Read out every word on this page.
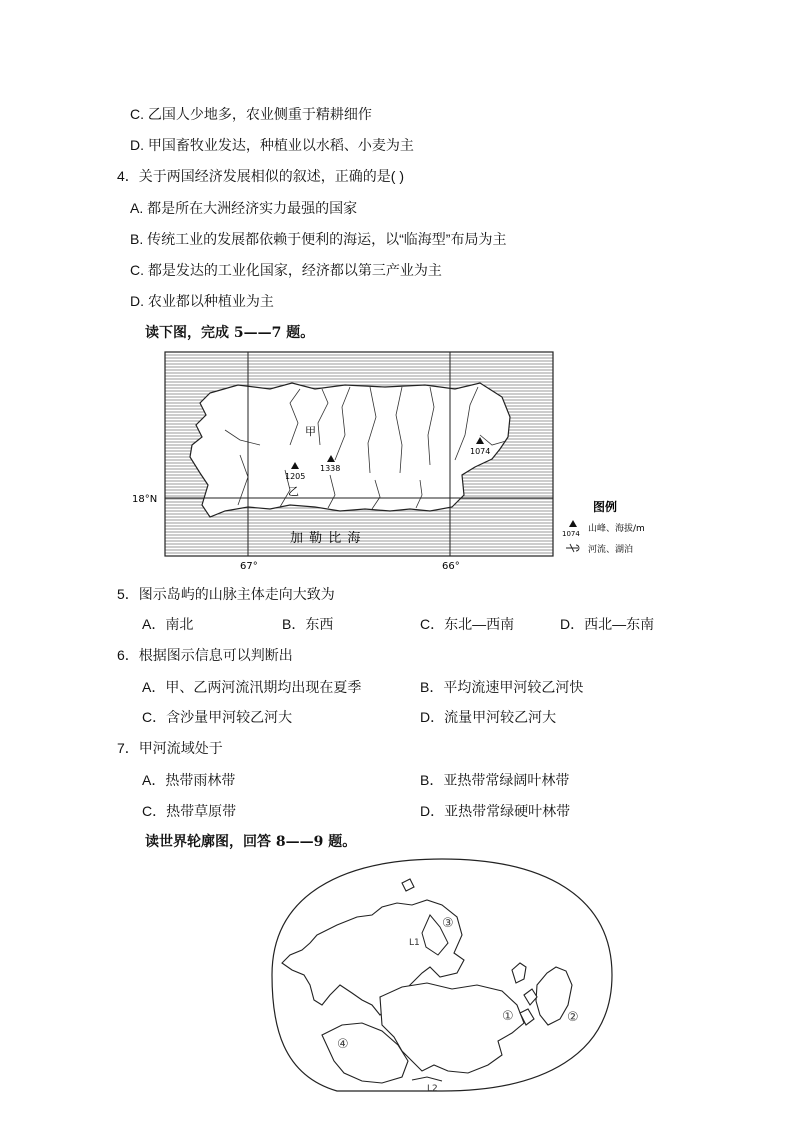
C. 乙国人少地多，农业侧重于精耕细作
D. 甲国畜牧业发达，种植业以水稻、小麦为主
4．关于两国经济发展相似的叙述，正确的是( )
A. 都是所在大洲经济实力最强的国家
B. 传统工业的发展都依赖于便利的海运，以“临海型”布局为主
C. 都是发达的工业化国家，经济都以第三产业为主
D. 农业都以种植业为主
读下图，完成 5——7 题。
甲
乙
1074
1338
1205
加 勒 比 海
18°N
67°	66°
图例
1074 山峰、海拔/m
河流、湖泊
5．图示岛屿的山脉主体走向大致为
A．南北	B．东西	C．东北—西南	D．西北—东南
6．根据图示信息可以判断出
A．甲、乙两河流汛期均出现在夏季	B．平均流速甲河较乙河快
C．含沙量甲河较乙河大	D．流量甲河较乙河大
7．甲河流域处于
A．热带雨林带	B．亚热带常绿阔叶林带
C．热带草原带	D．亚热带常绿硬叶林带
读世界轮廓图，回答 8——9 题。
③
①	②
④
L1
L2
